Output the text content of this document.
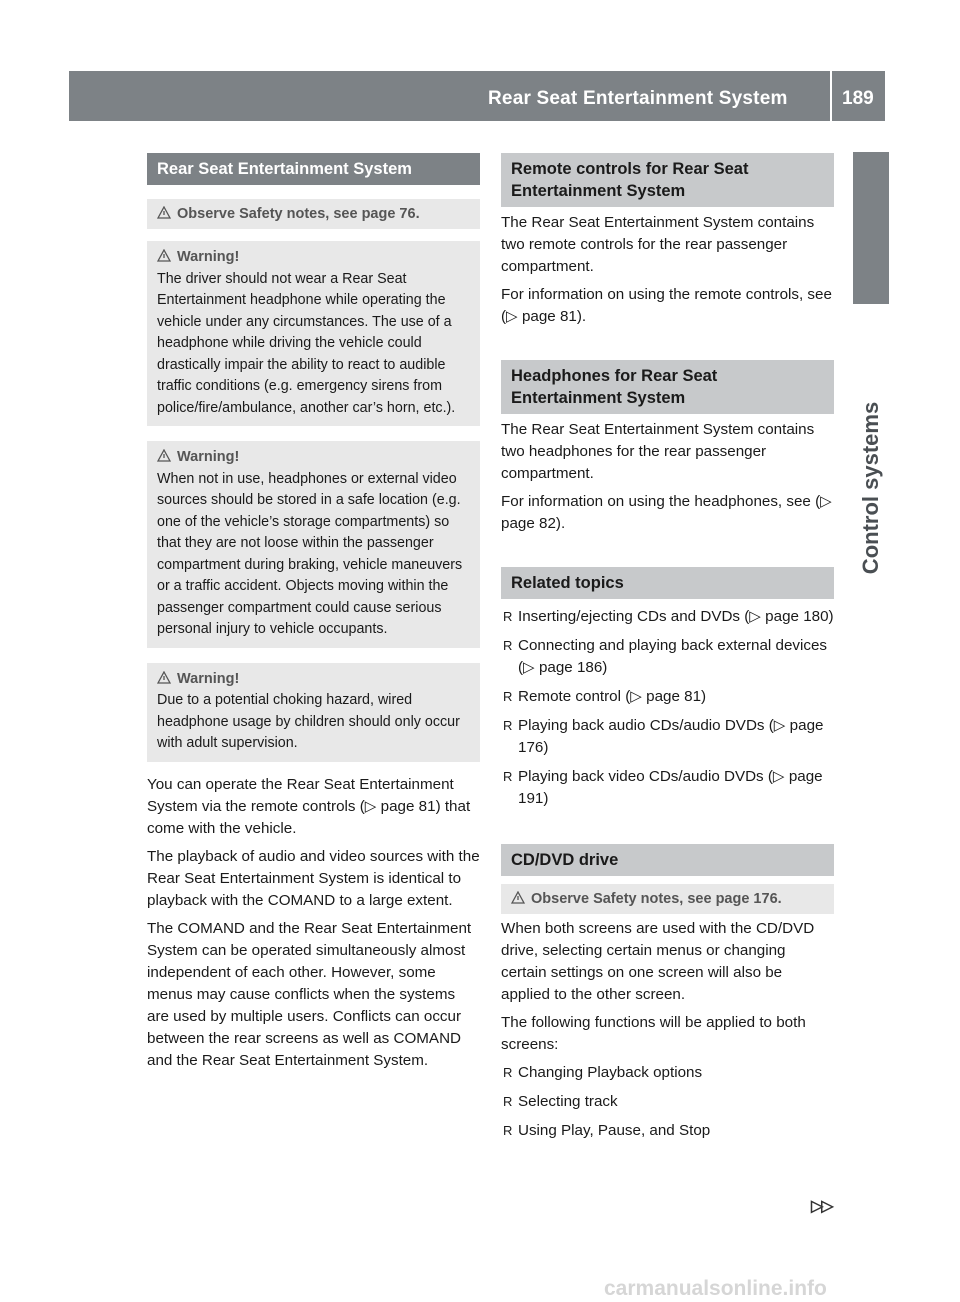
Rear Seat Entertainment System	189
Control systems
Rear Seat Entertainment System
Observe Safety notes, see page 76.
Warning!
The driver should not wear a Rear Seat Entertainment headphone while operating the vehicle under any circumstances. The use of a headphone while driving the vehicle could drastically impair the ability to react to audible traffic conditions (e.g. emergency sirens from police/fire/ambulance, another car’s horn, etc.).
Warning!
When not in use, headphones or external video sources should be stored in a safe location (e.g. one of the vehicle’s storage compartments) so that they are not loose within the passenger compartment during braking, vehicle maneuvers or a traffic accident. Objects moving within the passenger compartment could cause serious personal injury to vehicle occupants.
Warning!
Due to a potential choking hazard, wired headphone usage by children should only occur with adult supervision.

You can operate the Rear Seat Entertainment System via the remote controls (▷ page 81) that come with the vehicle.

The playback of audio and video sources with the Rear Seat Entertainment System is identical to playback with the COMAND to a large extent.

The COMAND and the Rear Seat Entertainment System can be operated simultaneously almost independent of each other. However, some menus may cause conflicts when the systems are used by multiple users. Conflicts can occur between the rear screens as well as COMAND and the Rear Seat Entertainment System.

Remote controls for Rear Seat Entertainment System

The Rear Seat Entertainment System contains two remote controls for the rear passenger compartment.

For information on using the remote controls, see (▷ page 81).

Headphones for Rear Seat Entertainment System

The Rear Seat Entertainment System contains two headphones for the rear passenger compartment.

For information on using the headphones, see (▷ page 82).

Related topics
R Inserting/ejecting CDs and DVDs (▷ page 180)
R Connecting and playing back external devices (▷ page 186)
R Remote control (▷ page 81)
R Playing back audio CDs/audio DVDs (▷ page 176)
R Playing back video CDs/audio DVDs (▷ page 191)
CD/DVD drive
Observe Safety notes, see page 176.

When both screens are used with the CD/DVD drive, selecting certain menus or changing certain settings on one screen will also be applied to the other screen.

The following functions will be applied to both screens:

R Changing Playback options
R Selecting track
R Using Play, Pause, and Stop
▷▷
carmanualsonline.info
